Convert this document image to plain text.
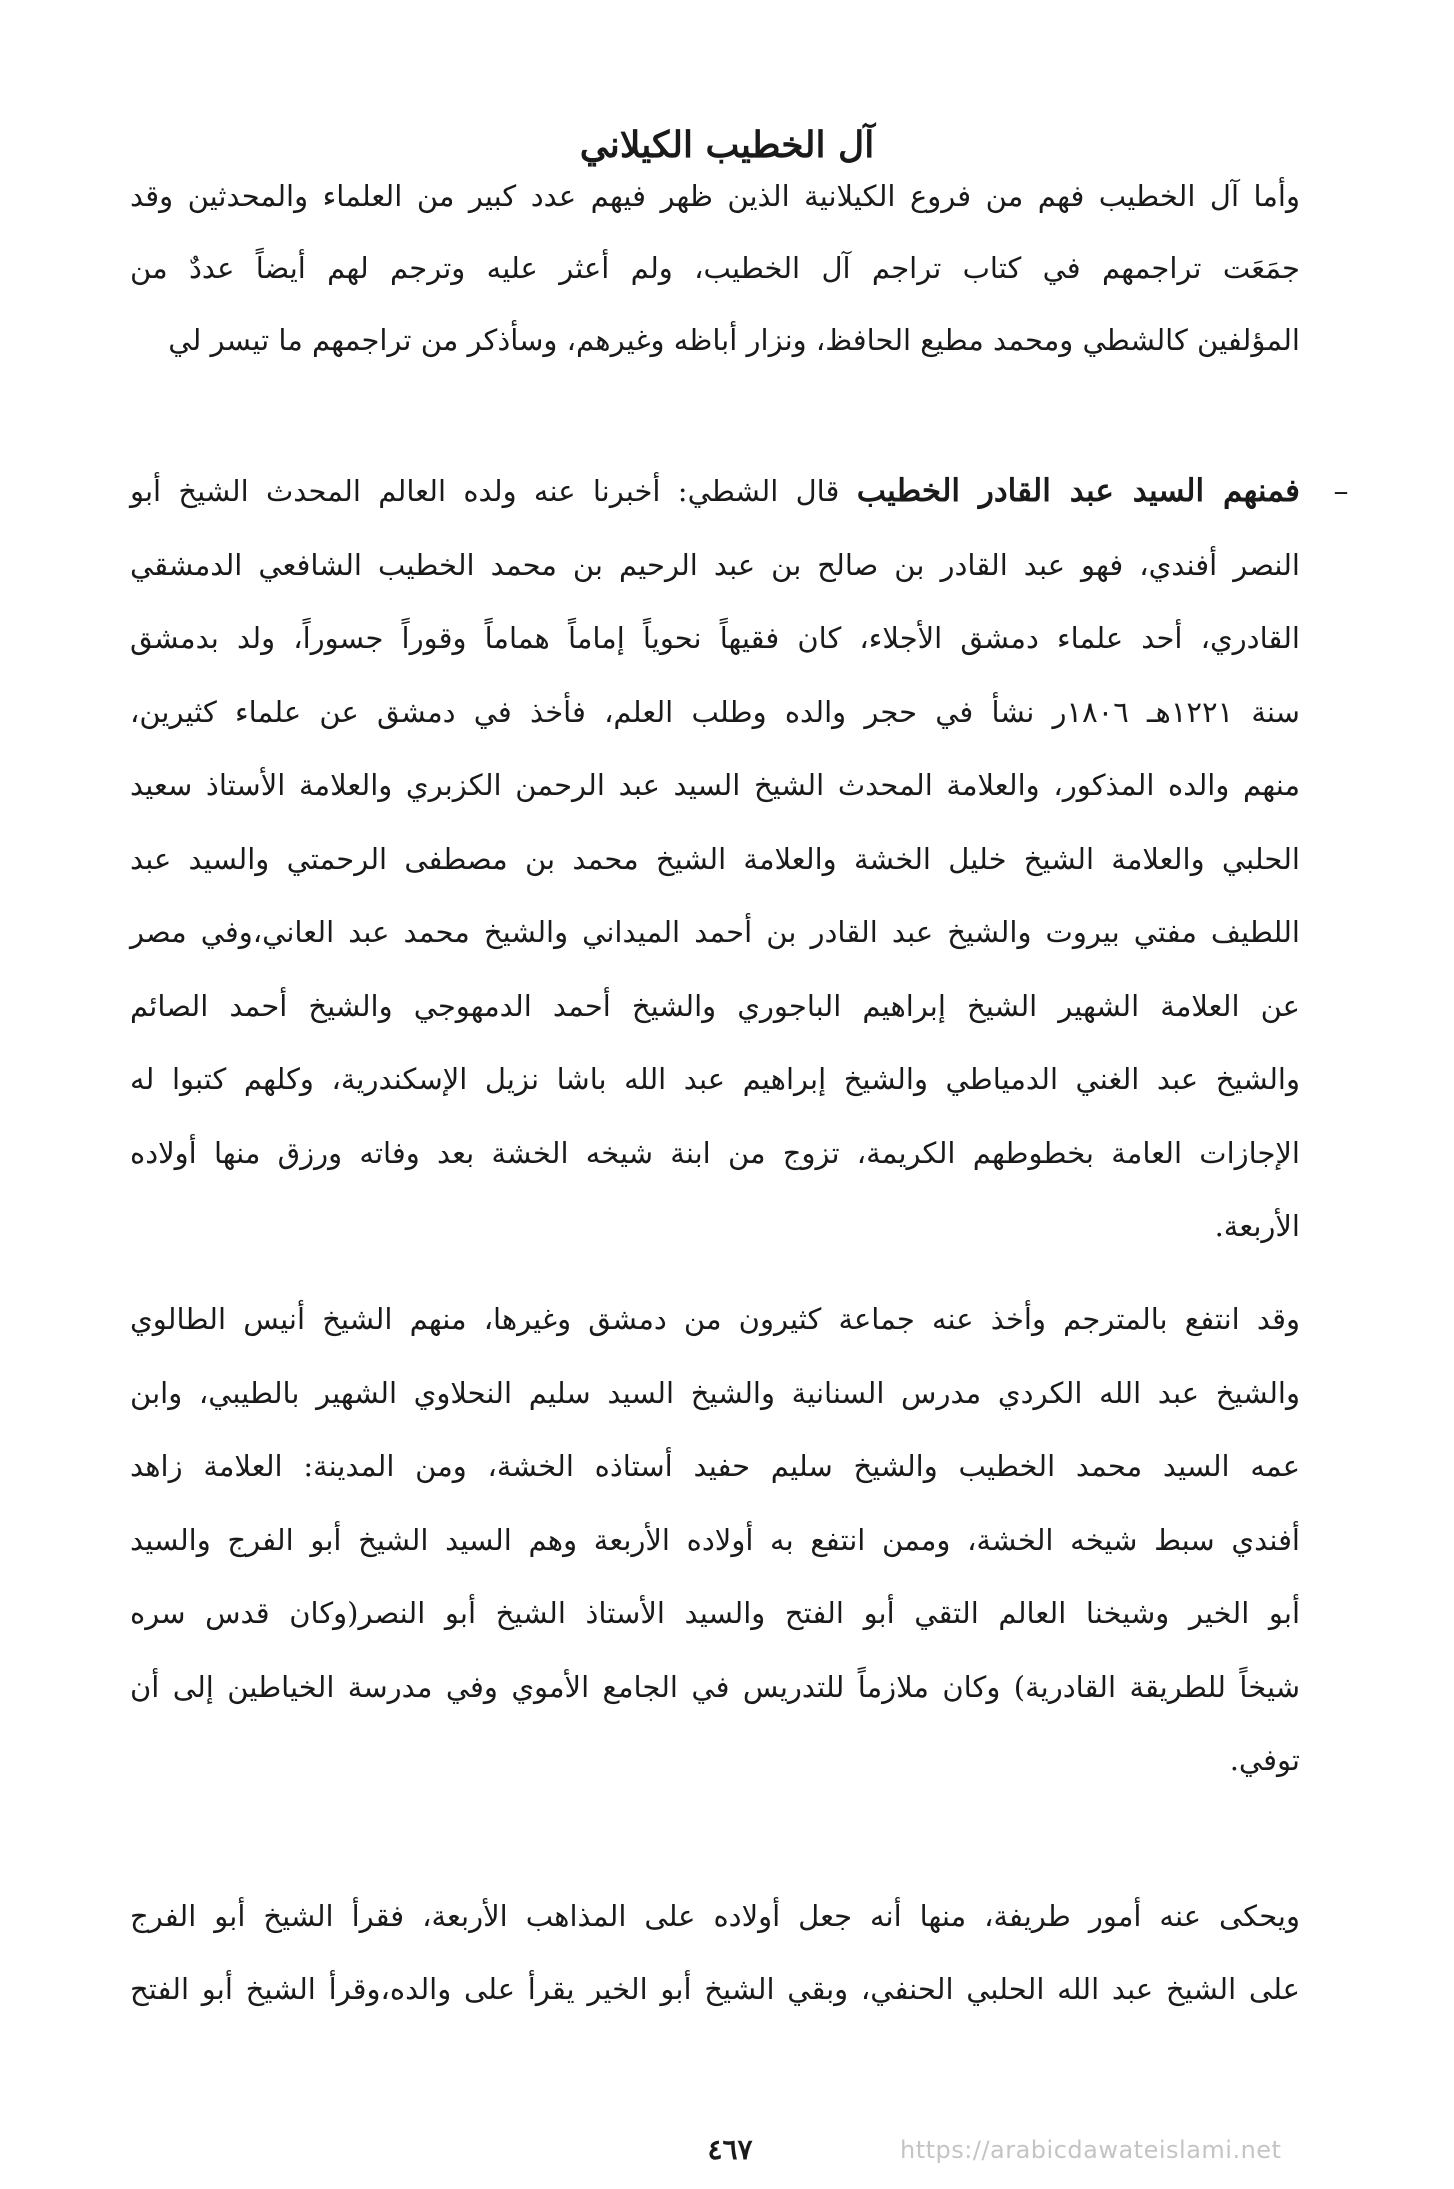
آل الخطيب الكيلاني
وأما آل الخطيب فهم من فروع الكيلانية الذين ظهر فيهم عدد كبير من العلماء والمحدثين وقد
جمَعَت تراجمهم في كتاب تراجم آل الخطيب، ولم أعثر عليه وترجم لهم أيضاً عددٌ من
المؤلفين كالشطي ومحمد مطيع الحافظ، ونزار أباظه وغيرهم، وسأذكر من تراجمهم ما تيسر لي
–
فمنهم السيد عبد القادر الخطيب قال الشطي: أخبرنا عنه ولده العالم المحدث الشيخ أبو
النصر أفندي، فهو عبد القادر بن صالح بن عبد الرحيم بن محمد الخطيب الشافعي الدمشقي
القادري، أحد علماء دمشق الأجلاء، كان فقيهاً نحوياً إماماً هماماً وقوراً جسوراً، ولد بدمشق
سنة ١٢٢١هـ ١٨٠٦ر نشأ في حجر والده وطلب العلم، فأخذ في دمشق عن علماء كثيرين،
منهم والده المذكور، والعلامة المحدث الشيخ السيد عبد الرحمن الكزبري والعلامة الأستاذ سعيد
الحلبي والعلامة الشيخ خليل الخشة والعلامة الشيخ محمد بن مصطفى الرحمتي والسيد عبد
اللطيف مفتي بيروت والشيخ عبد القادر بن أحمد الميداني والشيخ محمد عبد العاني،وفي مصر
عن العلامة الشهير الشيخ إبراهيم الباجوري والشيخ أحمد الدمهوجي والشيخ أحمد الصائم
والشيخ عبد الغني الدمياطي والشيخ إبراهيم عبد الله باشا نزيل الإسكندرية، وكلهم كتبوا له
الإجازات العامة بخطوطهم الكريمة، تزوج من ابنة شيخه الخشة بعد وفاته ورزق منها أولاده
الأربعة.
وقد انتفع بالمترجم وأخذ عنه جماعة كثيرون من دمشق وغيرها، منهم الشيخ أنيس الطالوي
والشيخ عبد الله الكردي مدرس السنانية والشيخ السيد سليم النحلاوي الشهير بالطيبي، وابن
عمه السيد محمد الخطيب والشيخ سليم حفيد أستاذه الخشة، ومن المدينة: العلامة زاهد
أفندي سبط شيخه الخشة، وممن انتفع به أولاده الأربعة وهم السيد الشيخ أبو الفرج والسيد
أبو الخير وشيخنا العالم التقي أبو الفتح والسيد الأستاذ الشيخ أبو النصر(وكان قدس سره
شيخاً للطريقة القادرية) وكان ملازماً للتدريس في الجامع الأموي وفي مدرسة الخياطين إلى أن
توفي.
ويحكى عنه أمور طريفة، منها أنه جعل أولاده على المذاهب الأربعة، فقرأ الشيخ أبو الفرج
على الشيخ عبد الله الحلبي الحنفي، وبقي الشيخ أبو الخير يقرأ على والده،وقرأ الشيخ أبو الفتح
٤٦٧	https://arabicdawateislami.net
